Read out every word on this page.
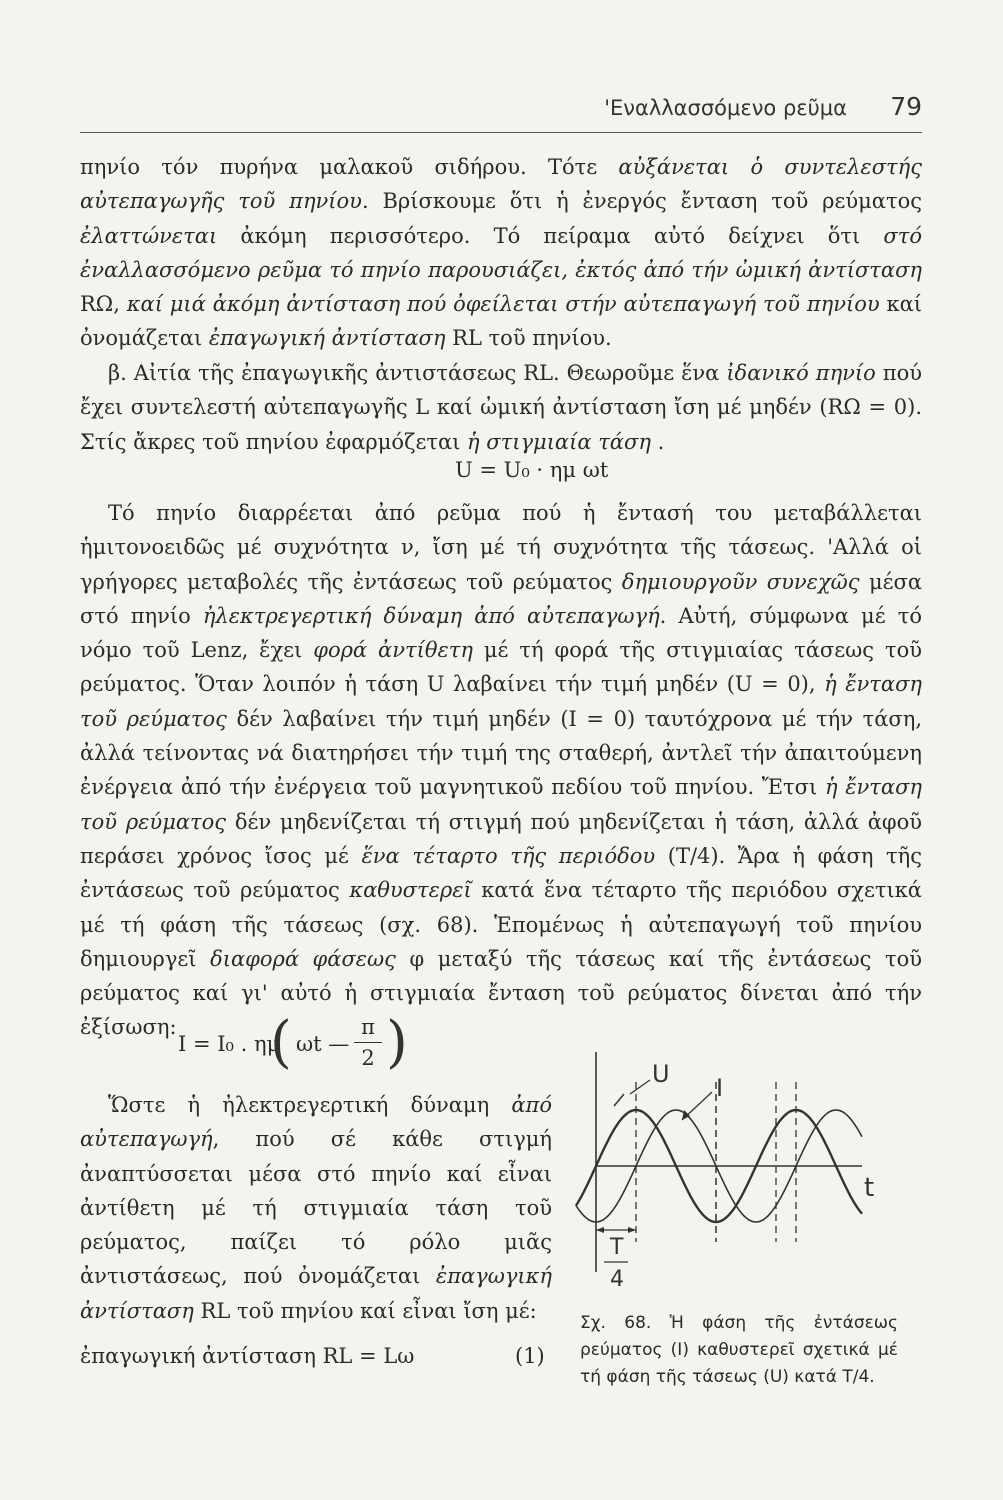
'Εναλλασσόμενο ρεῦμα 79

πηνίο τόν πυρήνα μαλακοῦ σιδήρου. Τότε αὐξάνεται ὁ συντελεστής αὐτεπαγωγῆς τοῦ πηνίου. Βρίσκουμε ὅτι ἡ ἐνεργός ἔνταση τοῦ ρεύματος ἐλαττώνεται ἀκόμη περισσότερο. Τό πείραμα αὐτό δείχνει ὅτι στό ἐναλλασσόμενο ρεῦμα τό πηνίο παρουσιάζει, ἐκτός ἀπό τήν ὠμική ἀντίσταση RΩ, καί μιά ἀκόμη ἀντίσταση πού ὀφείλεται στήν αὐτεπαγωγή τοῦ πηνίου καί ὀνομάζεται ἐπαγωγική ἀντίσταση RL τοῦ πηνίου.

β. Αἰτία τῆς ἐπαγωγικῆς ἀντιστάσεως RL. Θεωροῦμε ἕνα ἰδανικό πηνίο πού ἔχει συντελεστή αὐτεπαγωγῆς L καί ὠμική ἀντίσταση ἴση μέ μηδέν (RΩ = 0). Στίς ἄκρες τοῦ πηνίου ἐφαρμόζεται ἡ στιγμιαία τάση .

U = U₀ · ημ ωt

Τό πηνίο διαρρέεται ἀπό ρεῦμα πού ἡ ἔντασή του μεταβάλλεται ἡμιτονοειδῶς μέ συχνότητα ν, ἴση μέ τή συχνότητα τῆς τάσεως. 'Αλλά οἱ γρήγορες μεταβολές τῆς ἐντάσεως τοῦ ρεύματος δημιουργοῦν συνεχῶς μέσα στό πηνίο ἠλεκτρεγερτική δύναμη ἀπό αὐτεπαγωγή. Αὐτή, σύμφωνα μέ τό νόμο τοῦ Lenz, ἔχει φορά ἀντίθετη μέ τή φορά τῆς στιγμιαίας τάσεως τοῦ ρεύματος. Ὅταν λοιπόν ἡ τάση U λαβαίνει τήν τιμή μηδέν (U = 0), ἡ ἔνταση τοῦ ρεύματος δέν λαβαίνει τήν τιμή μηδέν (I = 0) ταυτόχρονα μέ τήν τάση, ἀλλά τείνοντας νά διατηρήσει τήν τιμή της σταθερή, ἀντλεῖ τήν ἀπαιτούμενη ἐνέργεια ἀπό τήν ἐνέργεια τοῦ μαγνητικοῦ πεδίου τοῦ πηνίου. Ἔτσι ἡ ἔνταση τοῦ ρεύματος δέν μηδενίζεται τή στιγμή πού μηδενίζεται ἡ τάση, ἀλλά ἀφοῦ περάσει χρόνος ἴσος μέ ἕνα τέταρτο τῆς περιόδου (T/4). Ἄρα ἡ φάση τῆς ἐντάσεως τοῦ ρεύματος καθυστερεῖ κατά ἕνα τέταρτο τῆς περιόδου σχετικά μέ τή φάση τῆς τάσεως (σχ. 68). Ἑπομένως ἡ αὐτεπαγωγή τοῦ πηνίου δημιουργεῖ διαφορά φάσεως φ μεταξύ τῆς τάσεως καί τῆς ἐντάσεως τοῦ ρεύματος καί γι' αὐτό ἡ στιγμιαία ἔνταση τοῦ ρεύματος δίνεται ἀπό τήν ἐξίσωση:

I = I₀ . ημ
( ωt — $\frac{\pi}{2}$ )

Ὥστε ἡ ἠλεκτρεγερτική δύναμη ἀπό αὐτεπαγωγή, πού σέ κάθε στιγμή ἀναπτύσσεται μέσα στό πηνίο καί εἶναι ἀντίθετη μέ τή στιγμιαία τάση τοῦ ρεύματος, παίζει τό ρόλο μιᾶς ἀντιστάσεως, πού ὀνομάζεται ἐπαγωγική ἀντίσταση RL τοῦ πηνίου καί εἶναι ἴση μέ:

ἐπαγωγική ἀντίσταση RL = Lω	(1)
U I
t
T
4
Σχ. 68. Ἡ φάση τῆς ἐντάσεως ρεύματος (I) καθυστερεῖ σχετικά μέ τή φάση τῆς τάσεως (U) κατά T/4.
